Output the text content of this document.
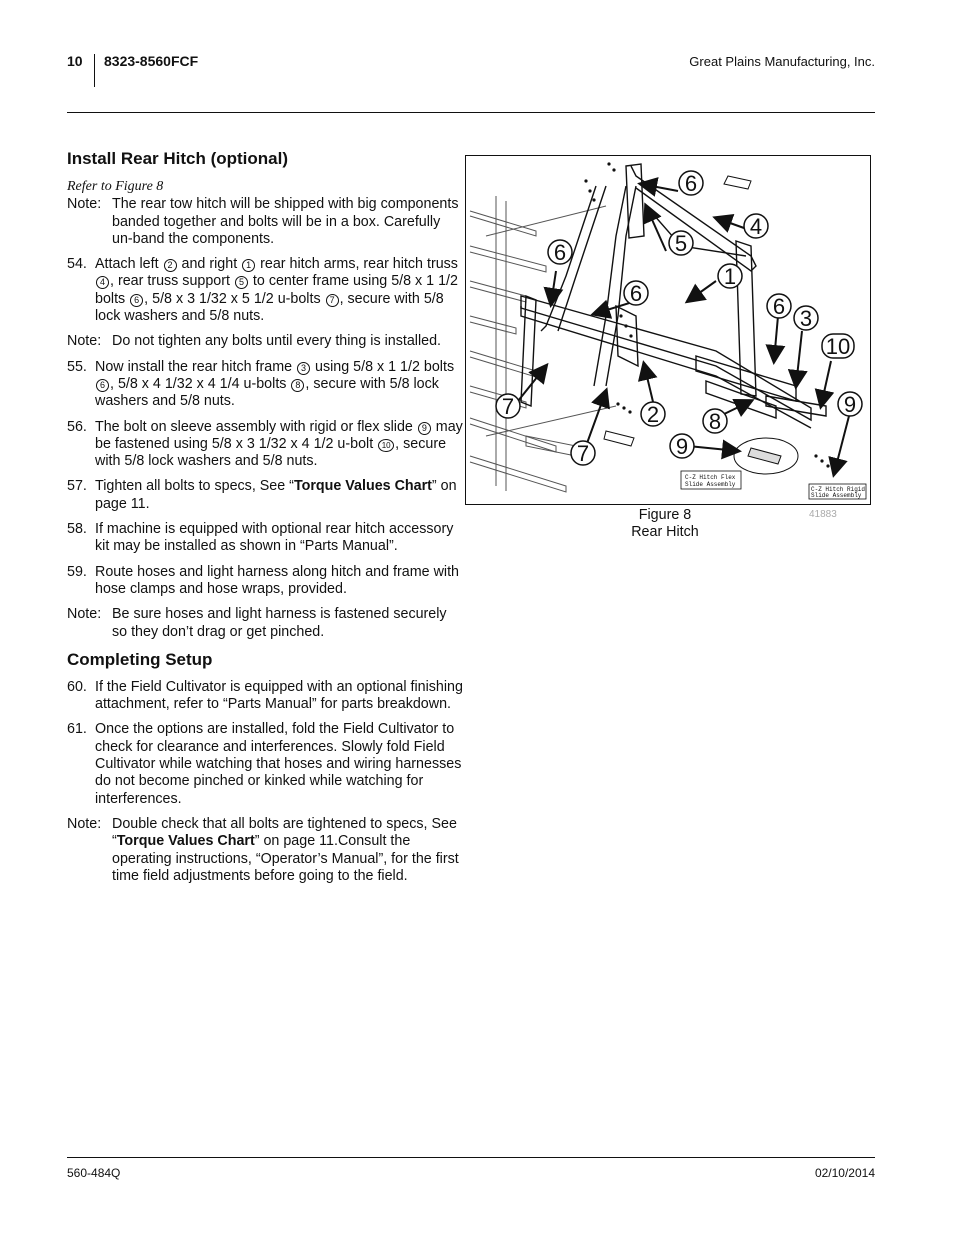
10 8323-8560FCF	Great Plains Manufacturing, Inc.
Install Rear Hitch (optional)
Refer to Figure 8
Note: The rear tow hitch will be shipped with big components banded together and bolts will be in a box. Carefully un-band the components.
54. Attach left 2 and right 1 rear hitch arms, rear hitch truss 4 , rear truss support 5 to center frame using 5/8 x 1 1/2 bolts 6 , 5/8 x 3 1/32 x 5 1/2 u-bolts 7 , secure with 5/8 lock washers and 5/8 nuts.
Note: Do not tighten any bolts until every thing is installed.
55. Now install the rear hitch frame 3 using 5/8 x 1 1/2 bolts 6 , 5/8 x 4 1/32 x 4 1/4 u-bolts 8 , secure with 5/8 lock washers and 5/8 nuts.
56. The bolt on sleeve assembly with rigid or flex slide 9 may be fastened using 5/8 x 3 1/32 x 4 1/2 u-bolt 10 , secure with 5/8 lock washers and 5/8 nuts.
57. Tighten all bolts to specs, See “Torque Values Chart” on page 11.
58. If machine is equipped with optional rear hitch accessory kit may be installed as shown in “Parts Manual”.
59. Route hoses and light harness along hitch and frame with hose clamps and hose wraps, provided.
Note: Be sure hoses and light harness is fastened securely so they don’t drag or get pinched.
Completing Setup
60. If the Field Cultivator is equipped with an optional finishing attachment, refer to “Parts Manual” for parts breakdown.
61. Once the options are installed, fold the Field Cultivator to check for clearance and interferences. Slowly fold Field Cultivator while watching that hoses and wiring harnesses do not become pinched or kinked while watching for interferences.
Note: Double check that all bolts are tightened to specs, See “Torque Values Chart” on page 11.Consult the operating instructions, “Operator’s Manual”, for the first time field adjustments before going to the field.
C-Z Hitch Flex
Slide Assembly
C-Z Hitch Rigid
Slide Assembly
6
4
5
6
1
6
6 3
10
9
7	2 8
9
7
Figure 8
Rear Hitch
41883
560-484Q	02/10/2014
